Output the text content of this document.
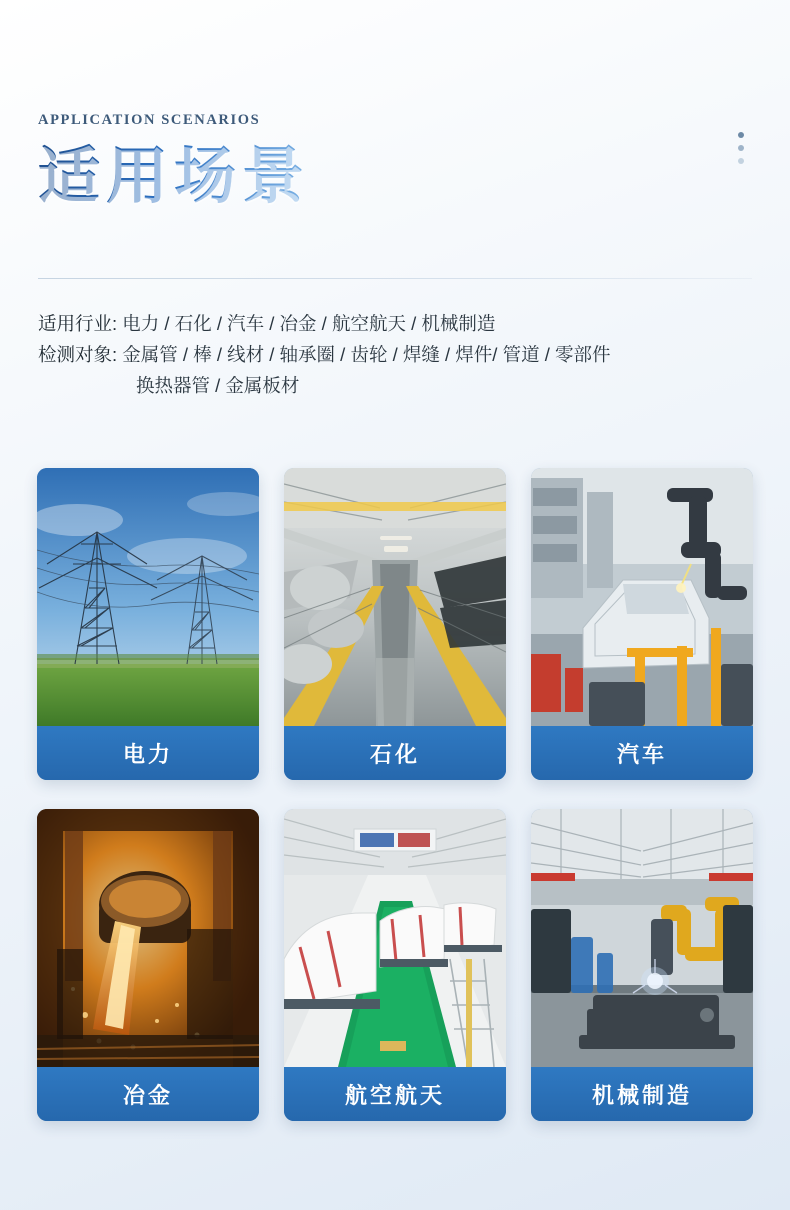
APPLICATION SCENARIOS
适用场景
适用行业: 电力 / 石化 / 汽车 / 冶金 / 航空航天 / 机械制造
检测对象: 金属管 / 棒 / 线材 / 轴承圈 / 齿轮 / 焊缝 / 焊件/ 管道 / 零部件
换热器管 / 金属板材
电力	石化	汽车
冶金	航空航天	机械制造
